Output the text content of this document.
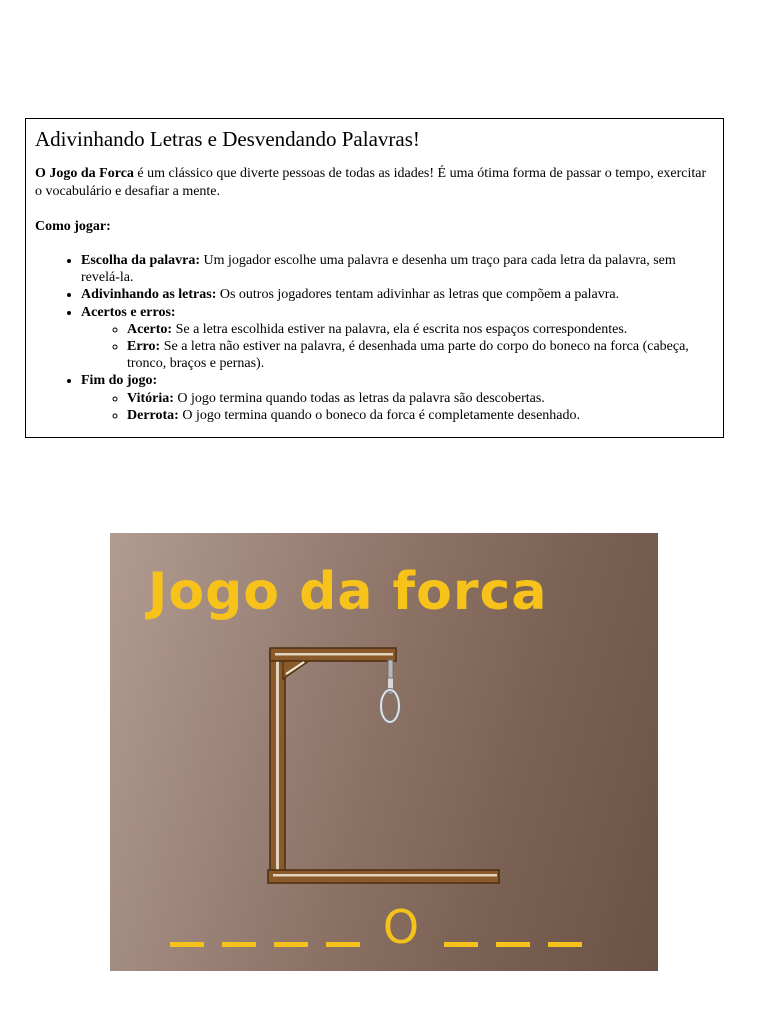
Adivinhando Letras e Desvendando Palavras!

O Jogo da Forca é um clássico que diverte pessoas de todas as idades! É uma ótima forma de passar o tempo, exercitar o vocabulário e desafiar a mente.

Como jogar:

• Escolha da palavra: Um jogador escolhe uma palavra e desenha um traço para cada letra da palavra, sem revelá-la.
• Adivinhando as letras: Os outros jogadores tentam adivinhar as letras que compõem a palavra.
• Acertos e erros:
◦ Acerto: Se a letra escolhida estiver na palavra, ela é escrita nos espaços correspondentes.
◦ Erro: Se a letra não estiver na palavra, é desenhada uma parte do corpo do boneco na forca (cabeça, tronco, braços e pernas).
• Fim do jogo:
◦ Vitória: O jogo termina quando todas as letras da palavra são descobertas.
◦ Derrota: O jogo termina quando o boneco da forca é completamente desenhado.
Jogo da forca
O
